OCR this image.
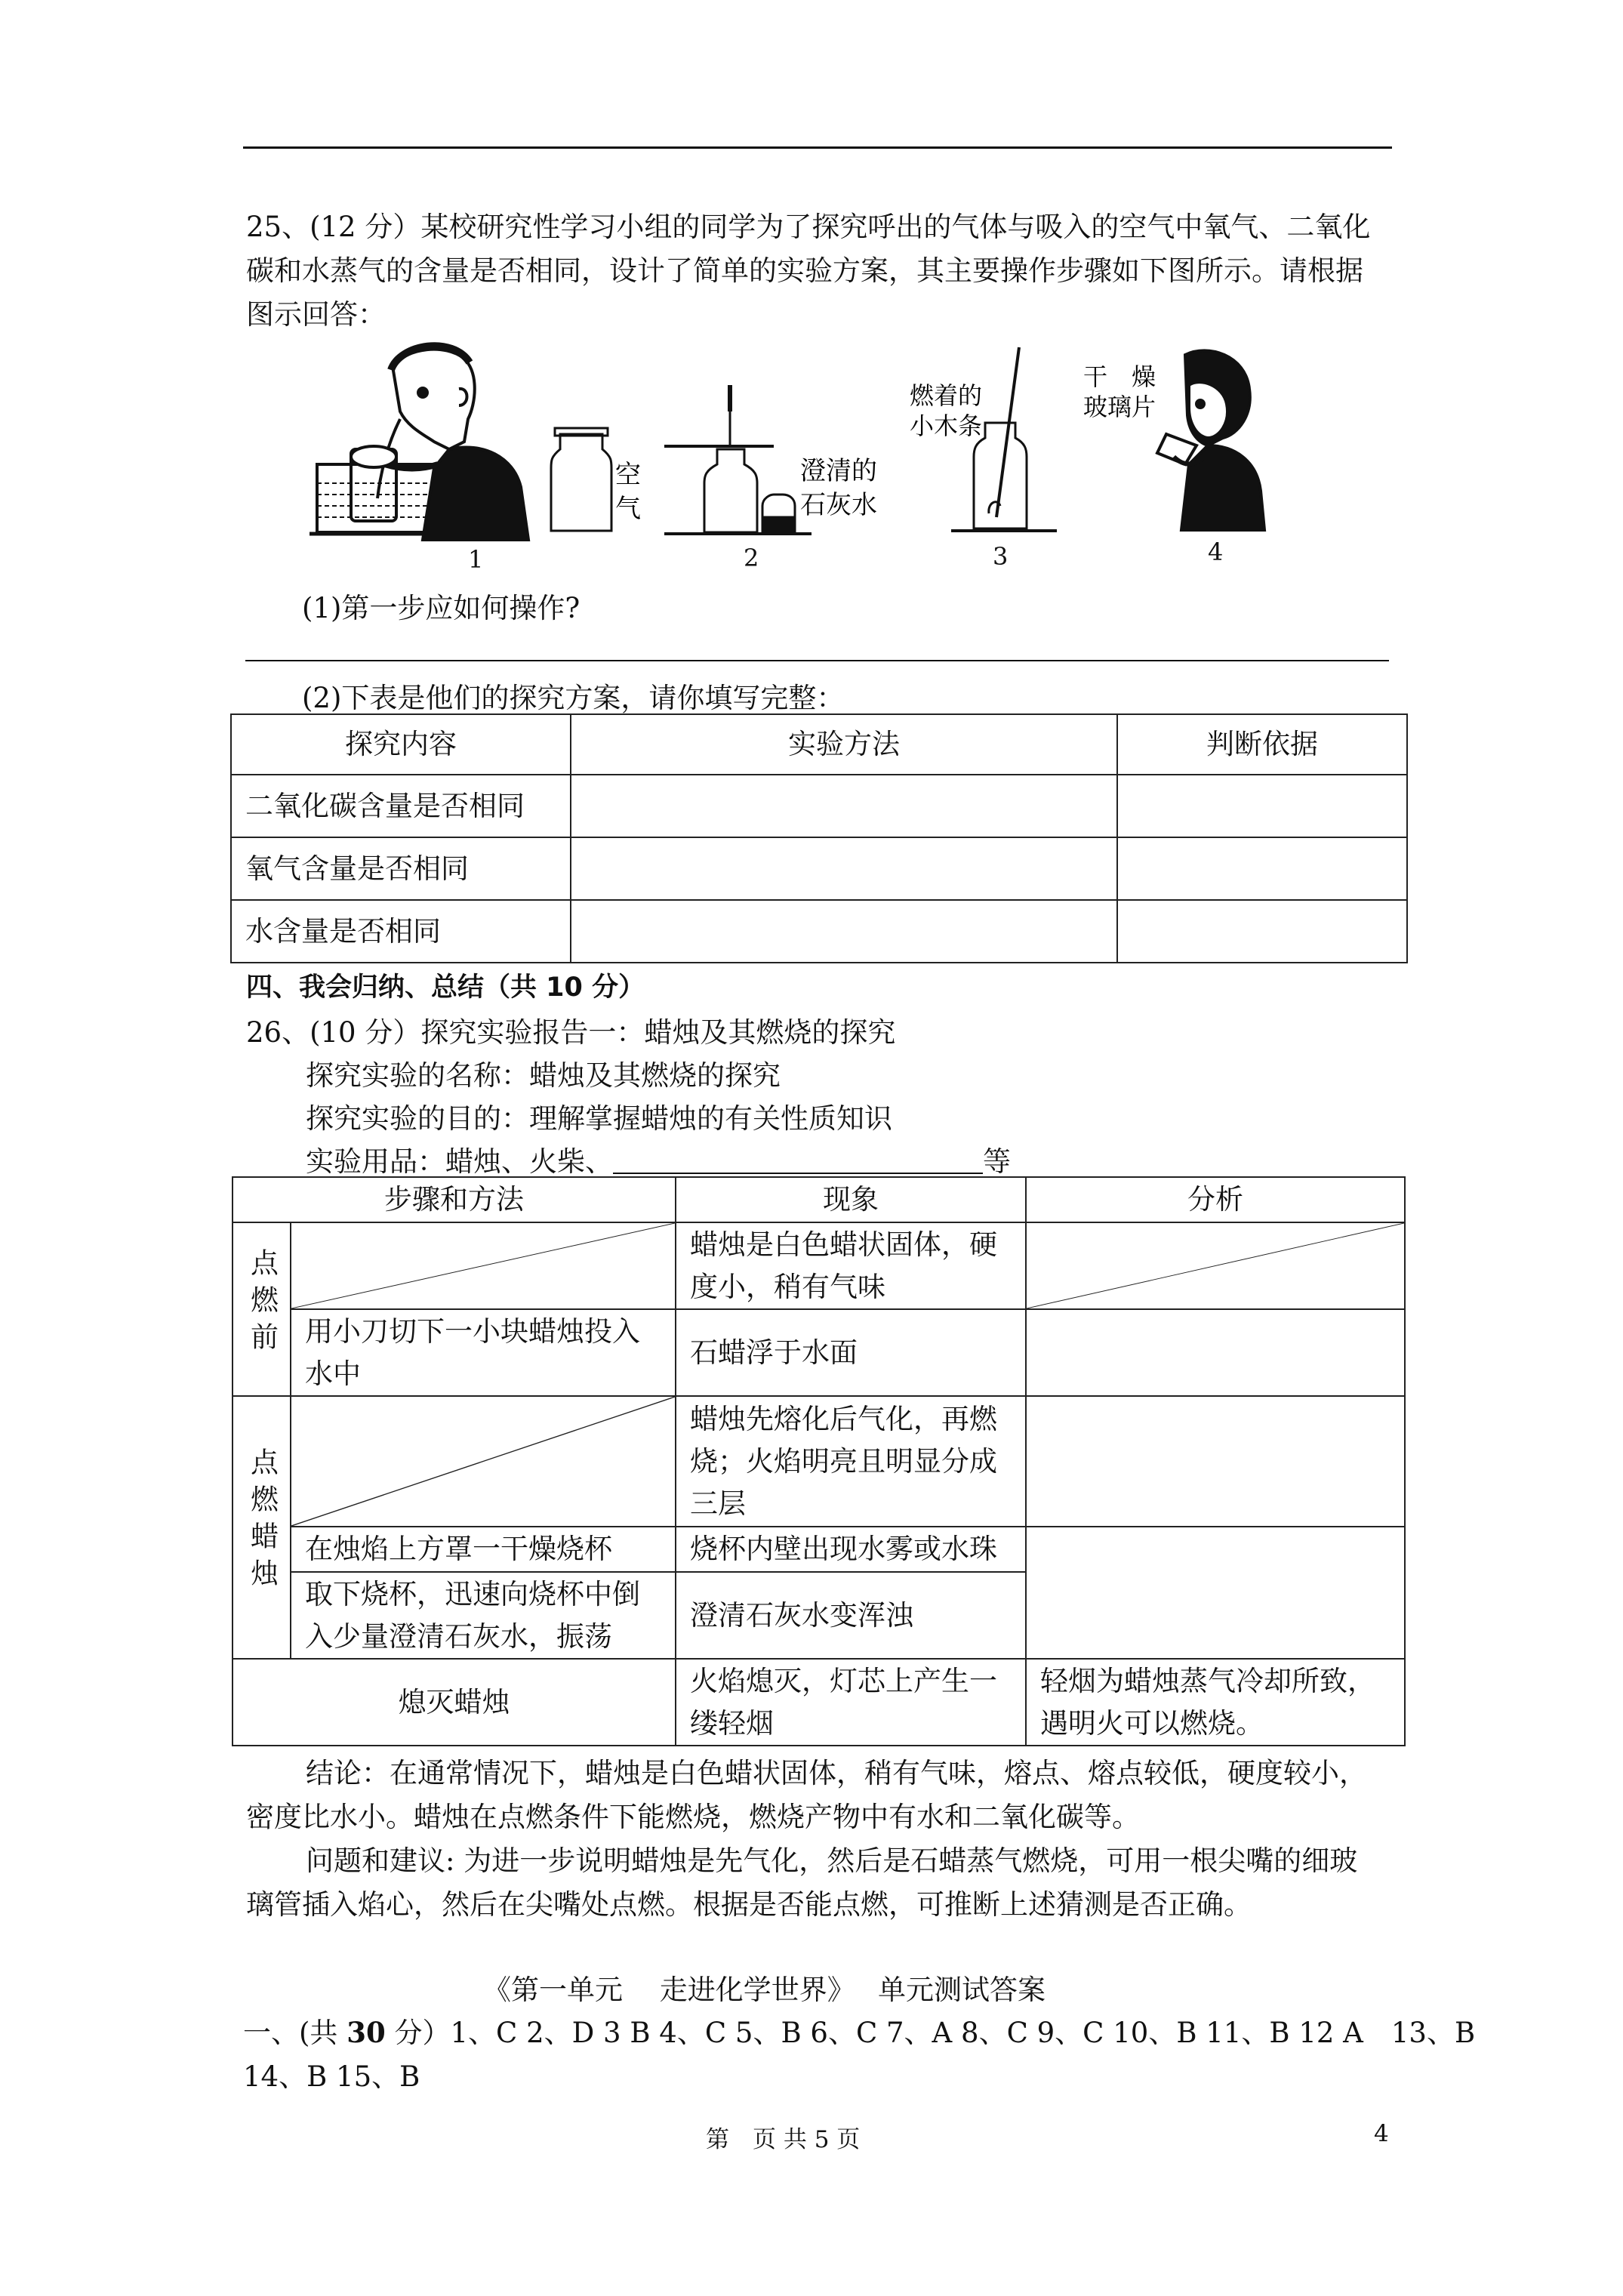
25、(12 分）某校研究性学习小组的同学为了探究呼出的气体与吸入的空气中氧气、二氧化
碳和水蒸气的含量是否相同，设计了简单的实验方案，其主要操作步骤如下图所示。请根据
图示回答：
空
气
1
澄清的
石灰水
2
燃着的
小木条
3
干　燥
玻璃片
4
(1)第一步应如何操作?
(2)下表是他们的探究方案，请你填写完整：
探究内容	实验方法	判断依据
二氧化碳含量是否相同		
氧气含量是否相同		
水含量是否相同		
四、我会归纳、总结（共 10 分）
26、(10 分）探究实验报告一：蜡烛及其燃烧的探究
探究实验的名称：蜡烛及其燃烧的探究
探究实验的目的：理解掌握蜡烛的有关性质知识
实验用品：蜡烛、火柴、	等
步骤和方法		现象	分析
点燃前		蜡烛是白色蜡状固体，硬度小，稍有气味	

	用小刀切下一小块蜡烛投入水中	石蜡浮于水面	
点燃蜡烛		蜡烛先熔化后气化，再燃烧；火焰明亮且明显分成三层	
	在烛焰上方罩一干燥烧杯	烧杯内壁出现水雾或水珠	
	取下烧杯，迅速向烧杯中倒入少量澄清石灰水，振荡	澄清石灰水变浑浊	
熄灭蜡烛		火焰熄灭，灯芯上产生一缕轻烟	轻烟为蜡烛蒸气冷却所致，遇明火可以燃烧。
结论：在通常情况下，蜡烛是白色蜡状固体，稍有气味，熔点、熔点较低，硬度较小，
密度比水小。蜡烛在点燃条件下能燃烧，燃烧产物中有水和二氧化碳等。
问题和建议: 为进一步说明蜡烛是先气化，然后是石蜡蒸气燃烧，可用一根尖嘴的细玻
璃管插入焰心，然后在尖嘴处点燃。根据是否能点燃，可推断上述猜测是否正确。
《第一单元　 走进化学世界》　 单元测试答案
一、(共 30 分）1、C 2、D 3 B 4、C 5、B 6、C 7、A 8、C 9、C 10、B 11、B 12 A　13、B
14、B 15、B
第　页 共 5 页	4
